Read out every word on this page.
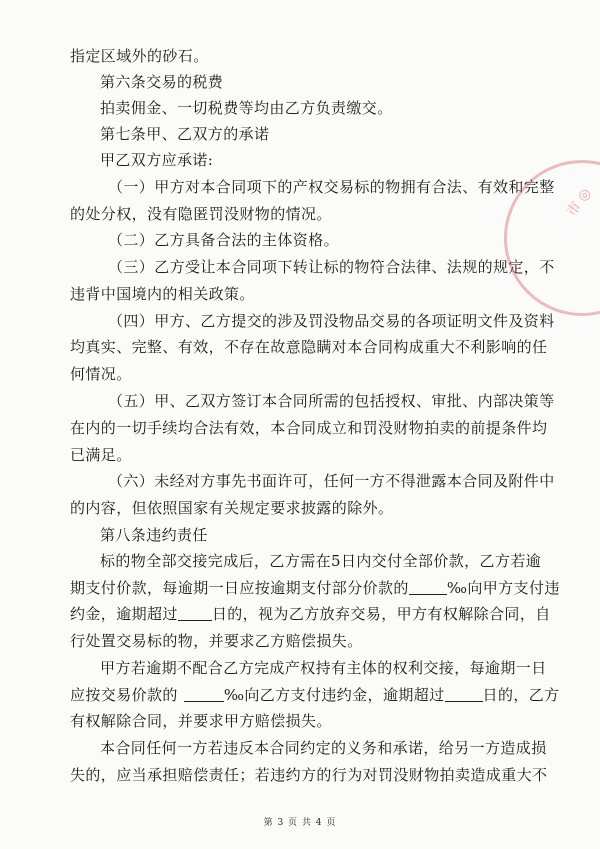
指定区域外的砂石。
第六条交易的税费
拍卖佣金、一切税费等均由乙方负责缴交。
第七条甲、乙双方的承诺
甲乙双方应承诺:
（一）甲方对本合同项下的产权交易标的物拥有合法、有效和完整
的处分权，没有隐匿罚没财物的情况。
（二）乙方具备合法的主体资格。
（三）乙方受让本合同项下转让标的物符合法律、法规的规定，不
违背中国境内的相关政策。
（四）甲方、乙方提交的涉及罚没物品交易的各项证明文件及资料
均真实、完整、有效，不存在故意隐瞒对本合同构成重大不利影响的任
何情况。
（五）甲、乙双方签订本合同所需的包括授权、审批、内部决策等
在内的一切手续均合法有效，本合同成立和罚没财物拍卖的前提条件均
已满足。
（六）未经对方事先书面许可，任何一方不得泄露本合同及附件中
的内容，但依照国家有关规定要求披露的除外。
第八条违约责任
标的物全部交接完成后，乙方需在5日内交付全部价款，乙方若逾
期支付价款，每逾期一日应按逾期支付部分价款的	‰向甲方支付违
约金，逾期超过 日的，视为乙方放弃交易，甲方有权解除合同，自
行处置交易标的物，并要求乙方赔偿损失。
甲方若逾期不配合乙方完成产权持有主体的权利交接，每逾期一日
应按交易价款的	‰向乙方支付违约金，逾期超过	日的，乙方
有权解除合同，并要求甲方赔偿损失。
本合同任何一方若违反本合同约定的义务和承诺，给另一方造成损
失的，应当承担赔偿责任；若违约方的行为对罚没财物拍卖造成重大不
市 ◎
第 3 页 共 4 页
